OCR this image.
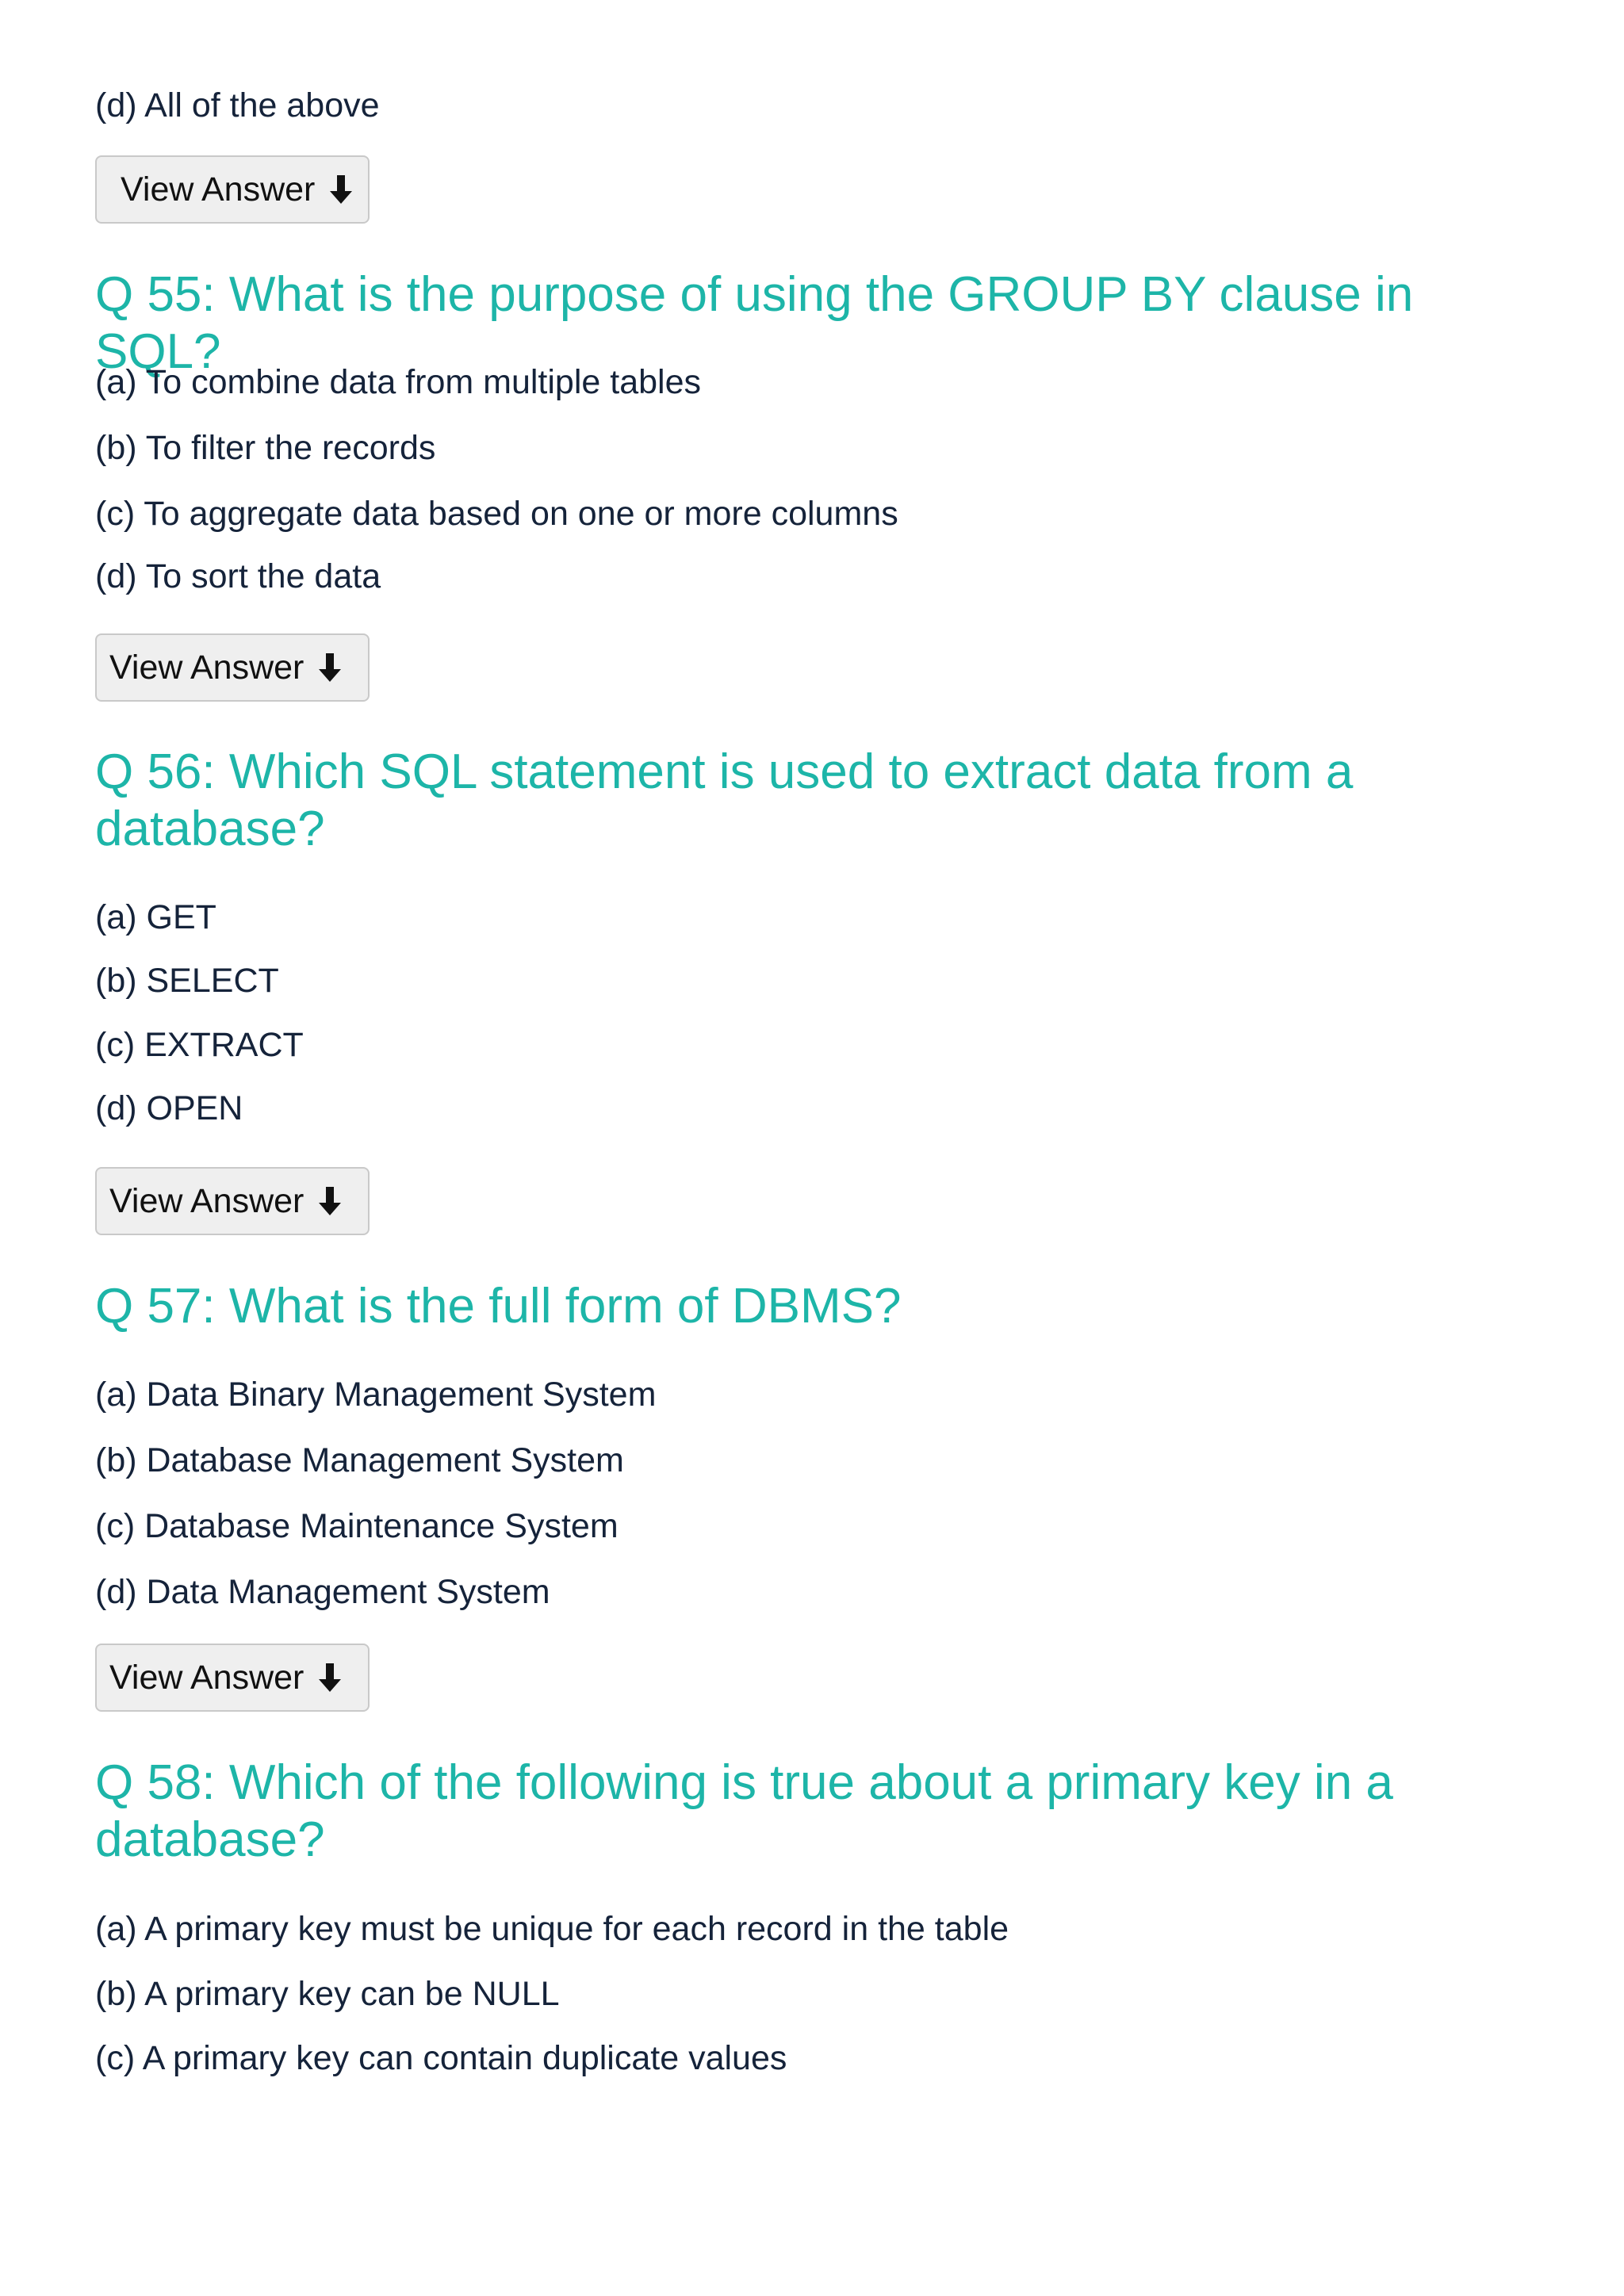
(d) All of the above
View Answer
Q 55: What is the purpose of using the GROUP BY clause in SQL?
(a) To combine data from multiple tables
(b) To filter the records
(c) To aggregate data based on one or more columns
(d) To sort the data
View Answer
Q 56: Which SQL statement is used to extract data from a database?
(a) GET
(b) SELECT
(c) EXTRACT
(d) OPEN
View Answer
Q 57: What is the full form of DBMS?
(a) Data Binary Management System
(b) Database Management System
(c) Database Maintenance System
(d) Data Management System
View Answer
Q 58: Which of the following is true about a primary key in a database?
(a) A primary key must be unique for each record in the table
(b) A primary key can be NULL
(c) A primary key can contain duplicate values
